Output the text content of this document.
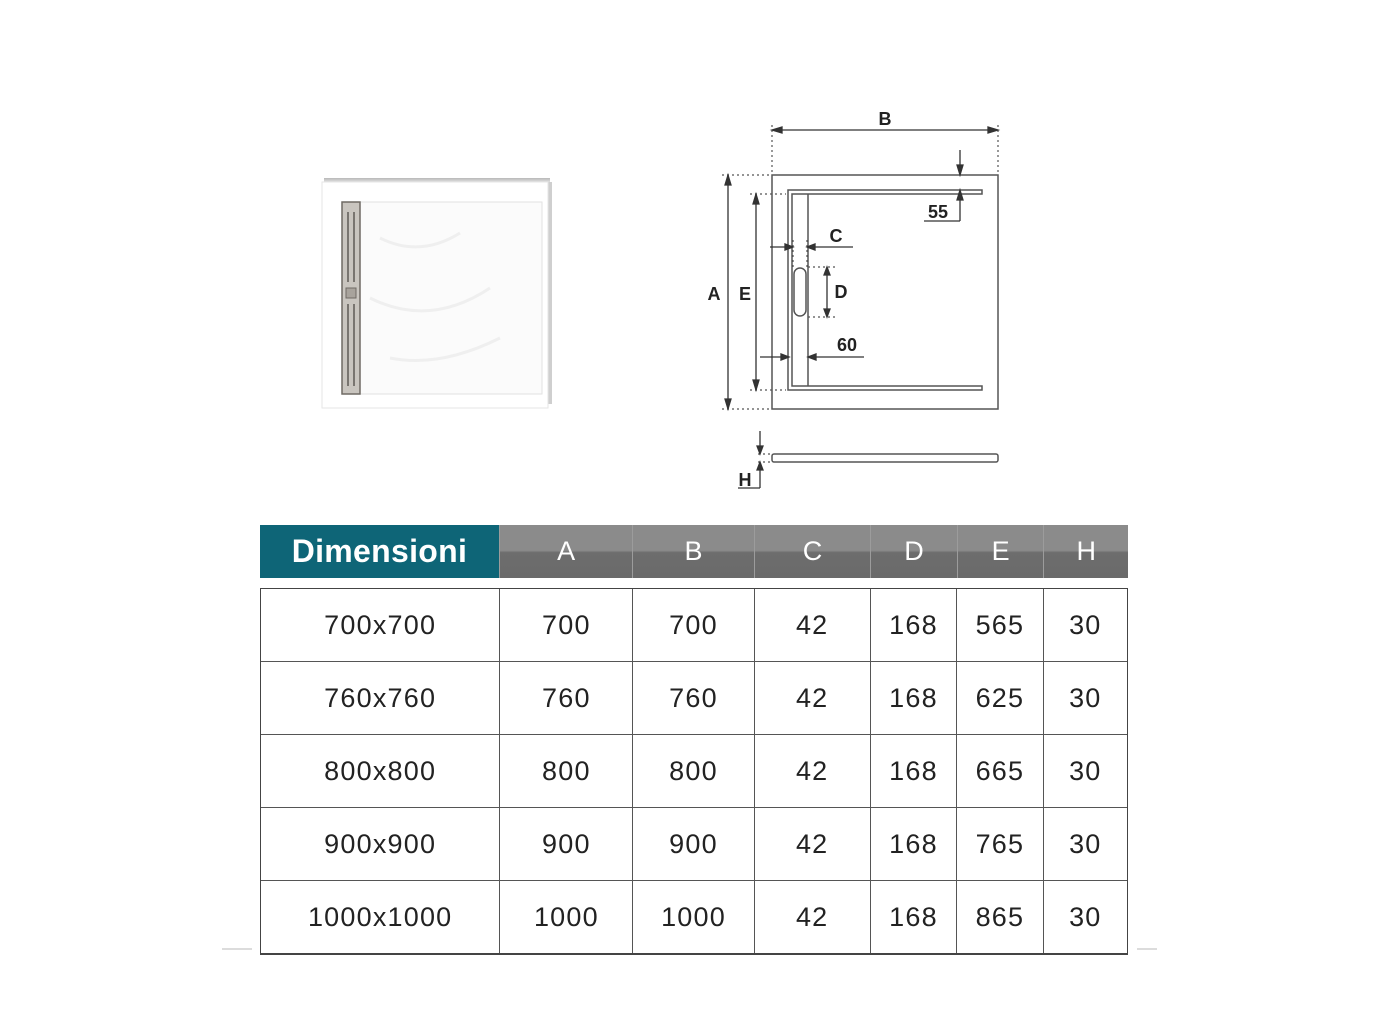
B
A E
55
C
D
60
H
Dimensioni	A	B	C	D	E	H
700x700	700	700	42	168	565	30
760x760	760	760	42	168	625	30
800x800	800	800	42	168	665	30
900x900	900	900	42	168	765	30
1000x1000	1000	1000	42	168	865	30
